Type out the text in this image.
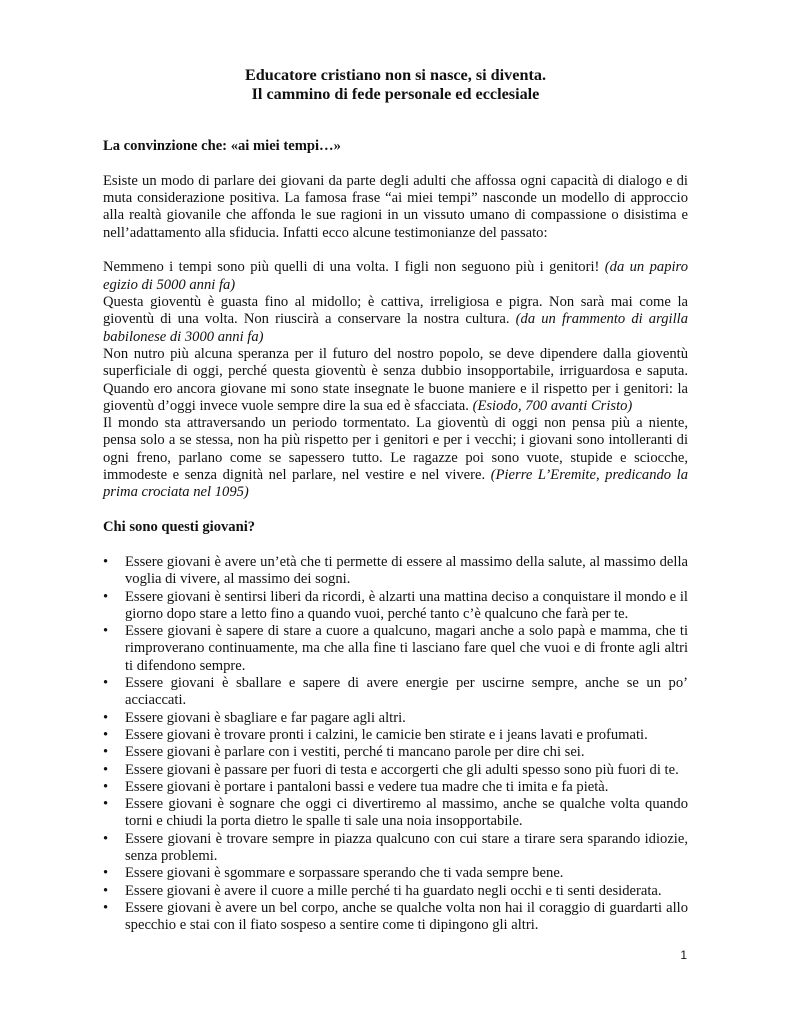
Educatore cristiano non si nasce, si diventa.
Il cammino di fede personale ed ecclesiale

La convinzione che: «ai miei tempi…»

Esiste un modo di parlare dei giovani da parte degli adulti che affossa ogni capacità di dialogo e di muta considerazione positiva. La famosa frase “ai miei tempi” nasconde un modello di approccio alla realtà giovanile che affonda le sue ragioni in un vissuto umano di compassione o disistima e nell’adattamento alla sfiducia. Infatti ecco alcune testimonianze del passato:

Nemmeno i tempi sono più quelli di una volta. I figli non seguono più i genitori! (da un papiro egizio di 5000 anni fa)

Questa gioventù è guasta fino al midollo; è cattiva, irreligiosa e pigra. Non sarà mai come la gioventù di una volta. Non riuscirà a conservare la nostra cultura. (da un frammento di argilla babilonese di 3000 anni fa)

Non nutro più alcuna speranza per il futuro del nostro popolo, se deve dipendere dalla gioventù superficiale di oggi, perché questa gioventù è senza dubbio insopportabile, irriguardosa e saputa. Quando ero ancora giovane mi sono state insegnate le buone maniere e il rispetto per i genitori: la gioventù d’oggi invece vuole sempre dire la sua ed è sfacciata. (Esiodo, 700 avanti Cristo)

Il mondo sta attraversando un periodo tormentato. La gioventù di oggi non pensa più a niente, pensa solo a se stessa, non ha più rispetto per i genitori e per i vecchi; i giovani sono intolleranti di ogni freno, parlano come se sapessero tutto. Le ragazze poi sono vuote, stupide e sciocche, immodeste e senza dignità nel parlare, nel vestire e nel vivere. (Pierre L’Eremite, predicando la prima crociata nel 1095)

Chi sono questi giovani?

•	Essere giovani è avere un’età che ti permette di essere al massimo della salute, al massimo della voglia di vivere, al massimo dei sogni.
•	Essere giovani è sentirsi liberi da ricordi, è alzarti una mattina deciso a conquistare il mondo e il giorno dopo stare a letto fino a quando vuoi, perché tanto c’è qualcuno che farà per te.
•	Essere giovani è sapere di stare a cuore a qualcuno, magari anche a solo papà e mamma, che ti rimproverano continuamente, ma che alla fine ti lasciano fare quel che vuoi e di fronte agli altri ti difendono sempre.
•	Essere giovani è sballare e sapere di avere energie per uscirne sempre, anche se un po’ acciaccati.
•	Essere giovani è sbagliare e far pagare agli altri.
•	Essere giovani è trovare pronti i calzini, le camicie ben stirate e i jeans lavati e profumati.
•	Essere giovani è parlare con i vestiti, perché ti mancano parole per dire chi sei.
•	Essere giovani è passare per fuori di testa e accorgerti che gli adulti spesso sono più fuori di te.
•	Essere giovani è portare i pantaloni bassi e vedere tua madre che ti imita e fa pietà.
•	Essere giovani è sognare che oggi ci divertiremo al massimo, anche se qualche volta quando torni e chiudi la porta dietro le spalle ti sale una noia insopportabile.
•	Essere giovani è trovare sempre in piazza qualcuno con cui stare a tirare sera sparando idiozie, senza problemi.
•	Essere giovani è sgommare e sorpassare sperando che ti vada sempre bene.
•	Essere giovani è avere il cuore a mille perché ti ha guardato negli occhi e ti senti desiderata.
•	Essere giovani è avere un bel corpo, anche se qualche volta non hai il coraggio di guardarti allo specchio e stai con il fiato sospeso a sentire come ti dipingono gli altri.
1
